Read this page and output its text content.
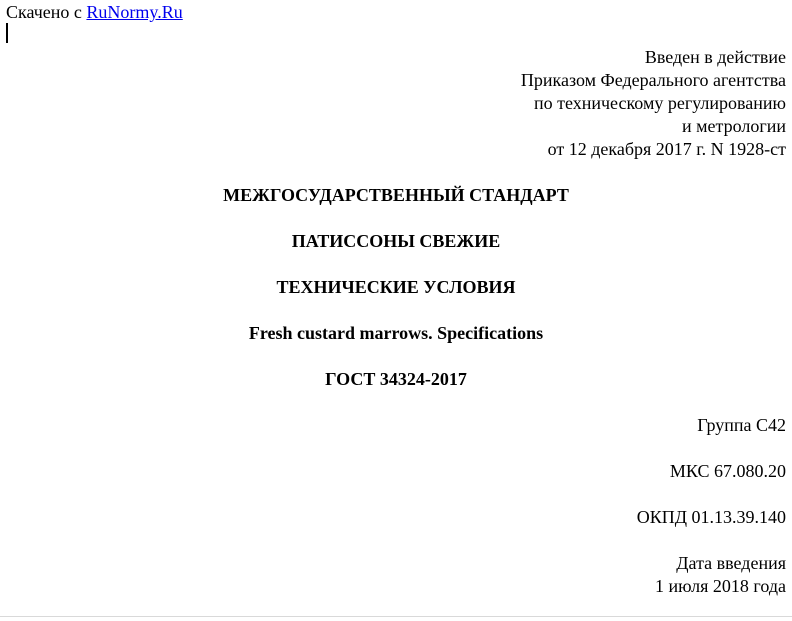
Скачено с RuNormy.Ru
Введен в действие
Приказом Федерального агентства
по техническому регулированию
и метрологии
от 12 декабря 2017 г. N 1928-ст
МЕЖГОСУДАРСТВЕННЫЙ СТАНДАРТ
ПАТИССОНЫ СВЕЖИЕ
ТЕХНИЧЕСКИЕ УСЛОВИЯ
Fresh custard marrows. Specifications
ГОСТ 34324-2017
Группа С42
МКС 67.080.20
ОКПД 01.13.39.140
Дата введения
1 июля 2018 года
